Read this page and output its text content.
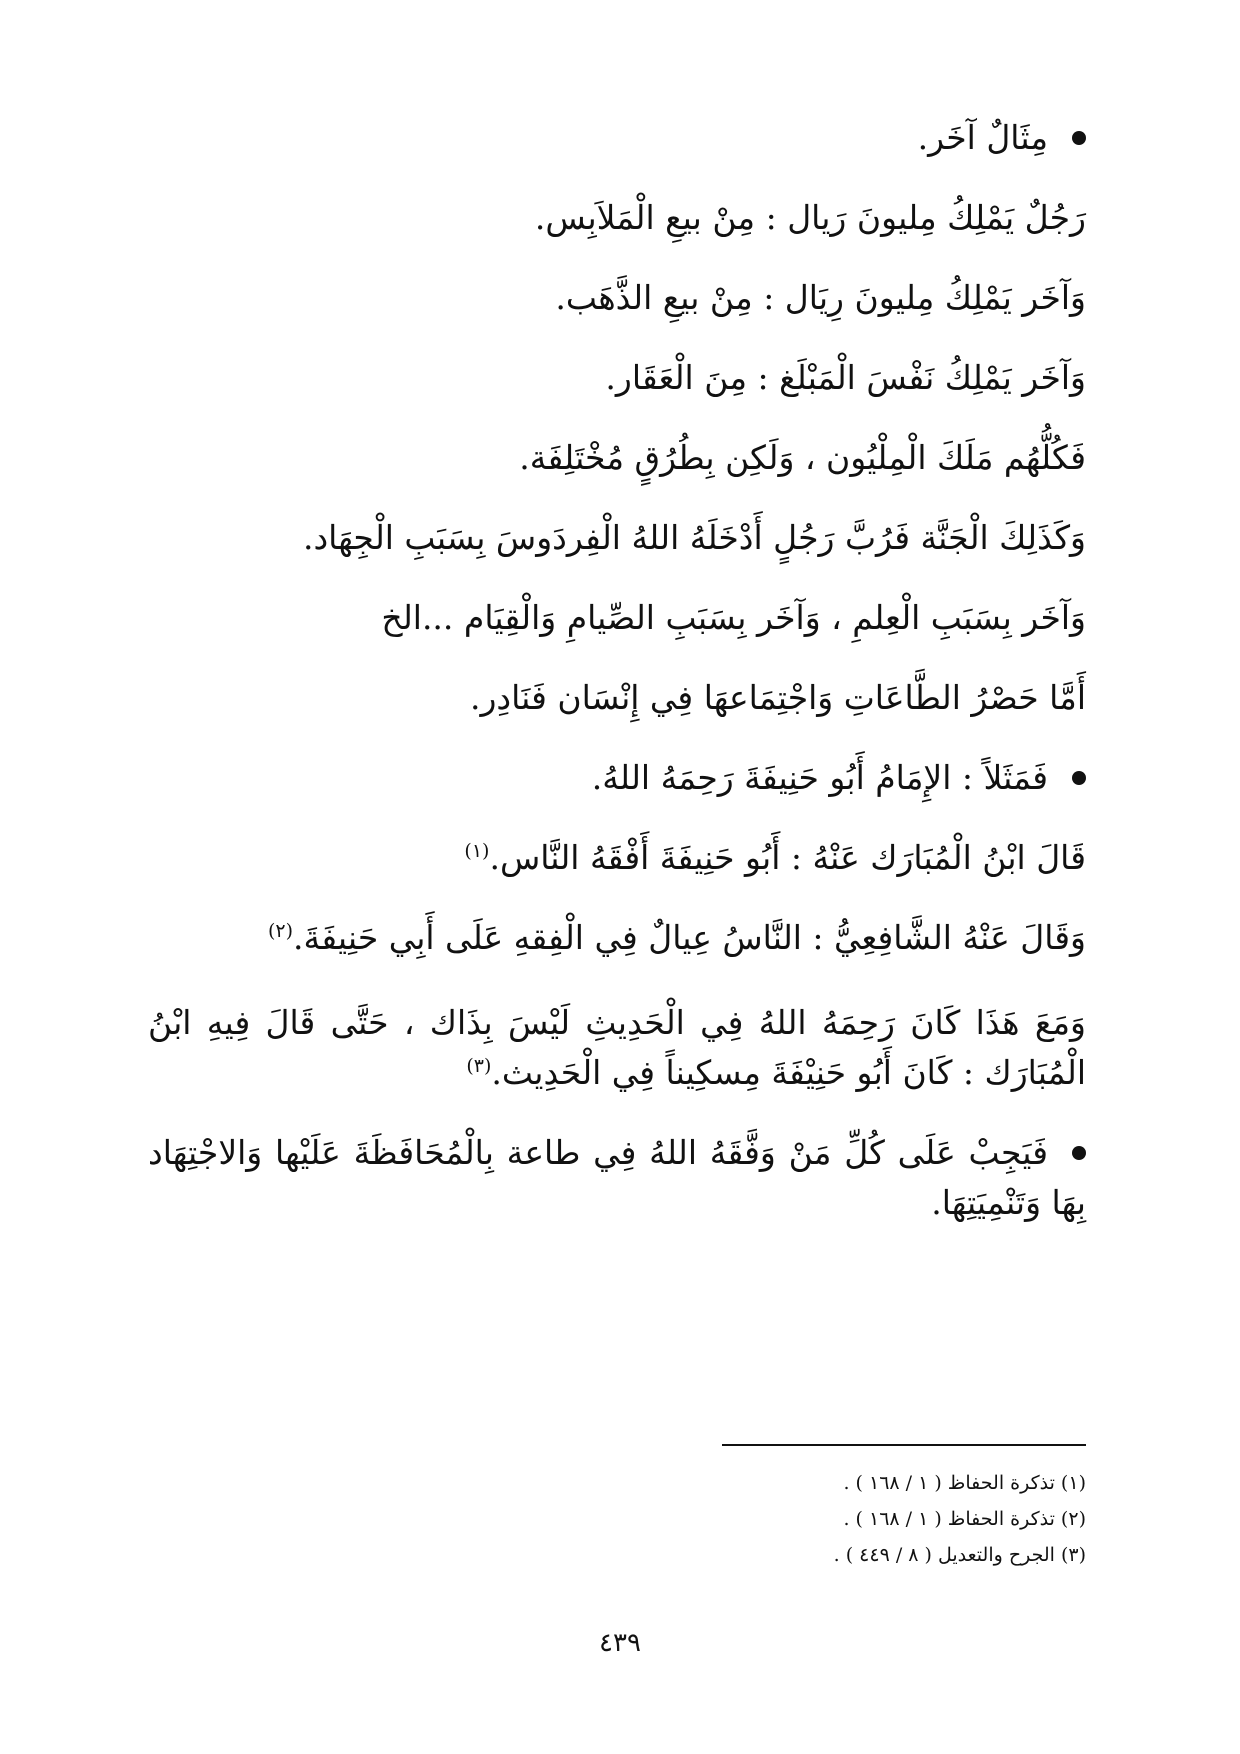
مِثَالٌ آخَر.
رَجُلٌ يَمْلِكُ مِليونَ رَيال : مِنْ بيعِ الْمَلاَبِس.
وَآخَر يَمْلِكُ مِليونَ رِيَال : مِنْ بيعِ الذَّهَب.
وَآخَر يَمْلِكُ نَفْسَ الْمَبْلَغ : مِنَ الْعَقَار.
فَكُلُّهُم مَلَكَ الْمِلْيُون ، وَلَكِن بِطُرُقٍ مُخْتَلِفَة.
وَكَذَلِكَ الْجَنَّة فَرُبَّ رَجُلٍ أَدْخَلَهُ اللهُ الْفِردَوسَ بِسَبَبِ الْجِهَاد.
وَآخَر بِسَبَبِ الْعِلمِ ، وَآخَر بِسَبَبِ الصِّيامِ وَالْقِيَام ...الخ
أَمَّا حَصْرُ الطَّاعَاتِ وَاجْتِمَاعهَا فِي إِنْسَان فَنَادِر.
فَمَثَلاً : الإِمَامُ أَبُو حَنِيفَةَ رَحِمَهُ اللهُ.
قَالَ ابْنُ الْمُبَارَك عَنْهُ : أَبُو حَنِيفَةَ أَفْقَهُ النَّاس.$^{(١)}$
وَقَالَ عَنْهُ الشَّافِعِيُّ : النَّاسُ عِيالٌ فِي الْفِقهِ عَلَى أَبِي حَنِيفَةَ.$^{(٢)}$
وَمَعَ هَذَا كَانَ رَحِمَهُ اللهُ فِي الْحَدِيثِ لَيْسَ بِذَاك ، حَتَّى قَالَ فِيهِ ابْنُ
الْمُبَارَك : كَانَ أَبُو حَنِيْفَةَ مِسكِيناً فِي الْحَدِيث.$^{(٣)}$
فَيَجِبْ عَلَى كُلِّ مَنْ وَفَّقَهُ اللهُ فِي طاعة بِالْمُحَافَظَةَ عَلَيْها وَالاجْتِهَاد
بِهَا وَتَنْمِيَتِهَا.
(١) تذكرة الحفاظ ( ١ / ١٦٨ ) .
(٢) تذكرة الحفاظ ( ١ / ١٦٨ ) .
(٣) الجرح والتعديل ( ٨ / ٤٤٩ ) .
٤٣٩
